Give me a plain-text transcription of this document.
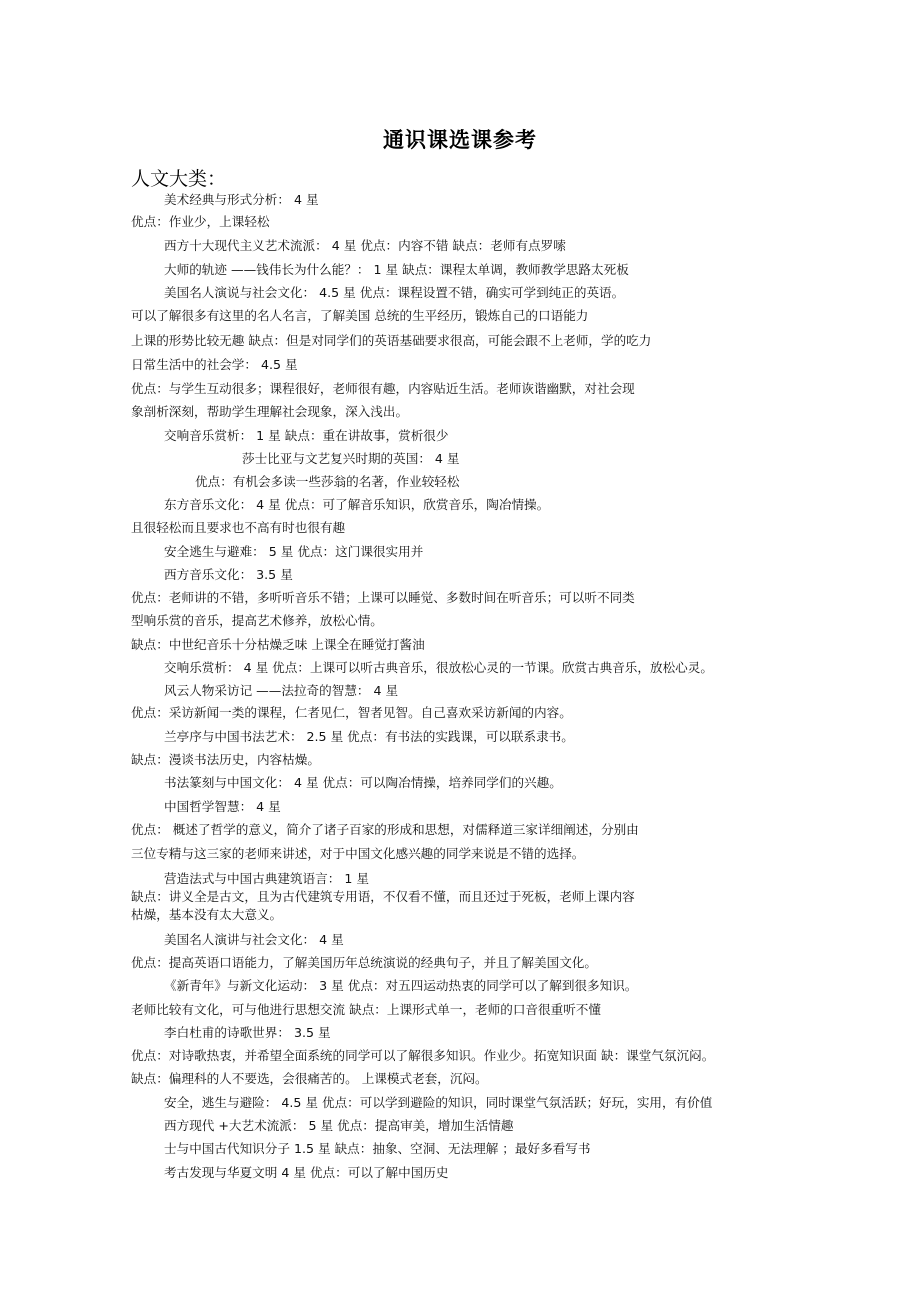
通识课选课参考
人文大类：
美术经典与形式分析： 4 星
优点：作业少，上课轻松
西方十大现代主义艺术流派： 4 星 优点：内容不错 缺点：老师有点罗嗦
大师的轨迹 ——钱伟长为什么能？： 1 星 缺点：课程太单调，教师教学思路太死板
美国名人演说与社会文化： 4.5 星 优点：课程设置不错，确实可学到纯正的英语。
可以了解很多有这里的名人名言，了解美国 总统的生平经历，锻炼自己的口语能力
上课的形势比较无趣 缺点：但是对同学们的英语基础要求很高，可能会跟不上老师，学的吃力
日常生活中的社会学： 4.5 星
优点：与学生互动很多；课程很好，老师很有趣，内容贴近生活。老师诙谐幽默，对社会现
象剖析深刻，帮助学生理解社会现象，深入浅出。
交响音乐赏析： 1 星 缺点：重在讲故事，赏析很少
莎士比亚与文艺复兴时期的英国： 4 星
优点：有机会多读一些莎翁的名著，作业较轻松
东方音乐文化： 4 星 优点：可了解音乐知识，欣赏音乐，陶冶情操。
且很轻松而且要求也不高有时也很有趣
安全逃生与避难： 5 星 优点：这门课很实用并
西方音乐文化： 3.5 星
优点：老师讲的不错，多听听音乐不错；上课可以睡觉、多数时间在听音乐；可以听不同类
型响乐赏的音乐，提高艺术修养，放松心情。
缺点：中世纪音乐十分枯燥乏味 上课全在睡觉打酱油
交响乐赏析： 4 星 优点：上课可以听古典音乐，很放松心灵的一节课。欣赏古典音乐，放松心灵。
风云人物采访记 ——法拉奇的智慧： 4 星
优点：采访新闻一类的课程，仁者见仁，智者见智。自己喜欢采访新闻的内容。
兰亭序与中国书法艺术： 2.5 星 优点：有书法的实践课，可以联系隶书。
缺点：漫谈书法历史，内容枯燥。
书法篆刻与中国文化： 4 星 优点：可以陶冶情操，培养同学们的兴趣。
中国哲学智慧： 4 星
优点： 概述了哲学的意义，简介了诸子百家的形成和思想，对儒释道三家详细阐述，分别由
三位专精与这三家的老师来讲述，对于中国文化感兴趣的同学来说是不错的选择。
营造法式与中国古典建筑语言： 1 星
缺点：讲义全是古文，且为古代建筑专用语，不仅看不懂，而且还过于死板，老师上课内容
枯燥，基本没有太大意义。
美国名人演讲与社会文化： 4 星
优点：提高英语口语能力，了解美国历年总统演说的经典句子，并且了解美国文化。
《新青年》与新文化运动： 3 星 优点：对五四运动热衷的同学可以了解到很多知识。
老师比较有文化，可与他进行思想交流 缺点：上课形式单一，老师的口音很重听不懂
李白杜甫的诗歌世界： 3.5 星
优点：对诗歌热衷，并希望全面系统的同学可以了解很多知识。作业少。拓宽知识面 缺：课堂气氛沉闷。
缺点：偏理科的人不要选，会很痛苦的。 上课模式老套，沉闷。
安全，逃生与避险： 4.5 星 优点：可以学到避险的知识，同时课堂气氛活跃；好玩，实用，有价值
西方现代 +大艺术流派： 5 星 优点：提高审美，增加生活情趣
士与中国古代知识分子 1.5 星 缺点：抽象、空洞、无法理解 ；最好多看写书
考古发现与华夏文明 4 星 优点：可以了解中国历史
